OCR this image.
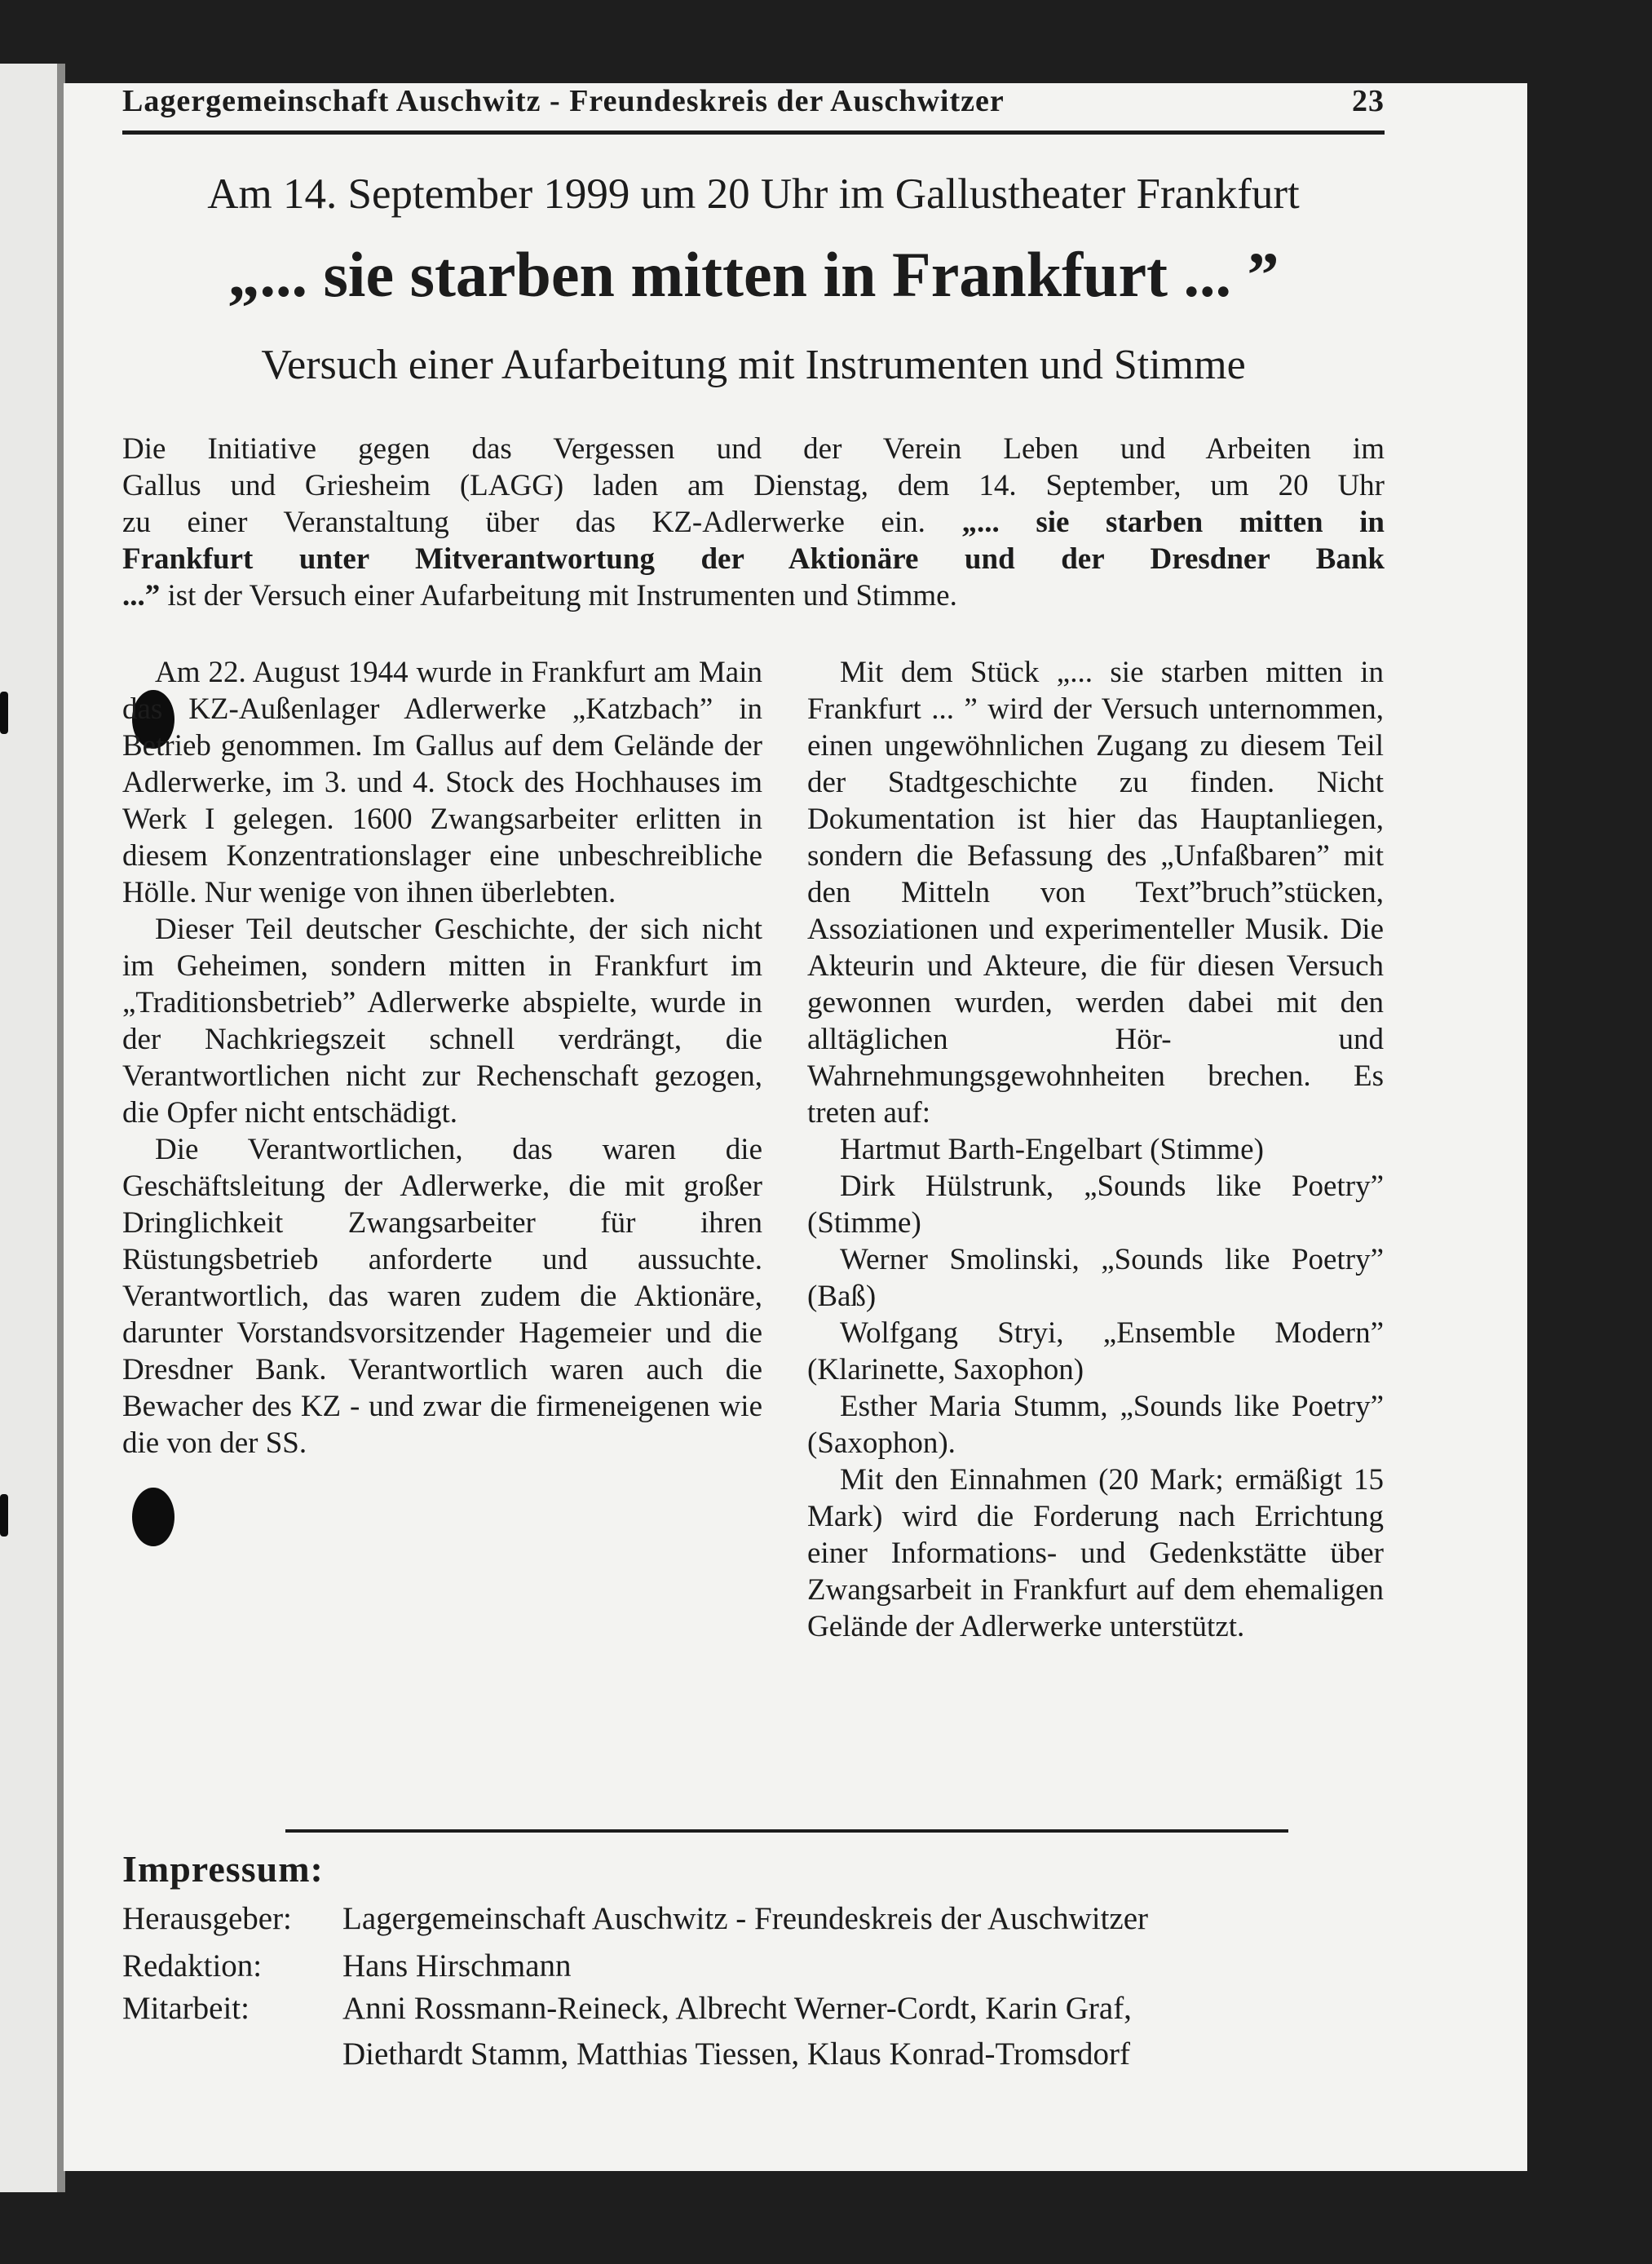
Lagergemeinschaft Auschwitz - Freundeskreis der Auschwitzer	23
Am 14. September 1999 um 20 Uhr im Gallustheater Frankfurt
„... sie starben mitten in Frankfurt ... ”
Versuch einer Aufarbeitung mit Instrumenten und Stimme
Die Initiative gegen das Vergessen und der Verein Leben und Arbeiten im
Gallus und Griesheim (LAGG) laden am Dienstag, dem 14. September, um 20 Uhr
zu einer Veranstaltung über das KZ-Adlerwerke ein. „... sie starben mitten in
Frankfurt unter Mitverantwortung der Aktionäre und der Dresdner Bank
...” ist der Versuch einer Aufarbeitung mit Instrumenten und Stimme.

Am 22. August 1944 wurde in Frankfurt am Main das KZ-Außenlager Adlerwerke „Katzbach” in Betrieb genommen. Im Gallus auf dem Gelände der Adlerwerke, im 3. und 4. Stock des Hochhauses im Werk I gelegen. 1600 Zwangsarbeiter erlitten in diesem Konzentrationslager eine unbeschreibliche Hölle. Nur wenige von ihnen überlebten.

Dieser Teil deutscher Geschichte, der sich nicht im Geheimen, sondern mitten in Frankfurt im „Traditionsbetrieb” Adlerwerke abspielte, wurde in der Nachkriegszeit schnell verdrängt, die Verantwortlichen nicht zur Rechenschaft gezogen, die Opfer nicht entschädigt.

Die Verantwortlichen, das waren die Geschäftsleitung der Adlerwerke, die mit großer Dringlichkeit Zwangsarbeiter für ihren Rüstungsbetrieb anforderte und aussuchte. Verantwortlich, das waren zudem die Aktionäre, darunter Vorstandsvorsitzender Hagemeier und die Dresdner Bank. Verantwortlich waren auch die Bewacher des KZ - und zwar die firmeneigenen wie die von der SS.

Mit dem Stück „... sie starben mitten in Frankfurt ... ” wird der Versuch unternommen, einen ungewöhnlichen Zugang zu diesem Teil der Stadtgeschichte zu finden. Nicht Dokumentation ist hier das Hauptanliegen, sondern die Befassung des „Unfaßbaren” mit den Mitteln von Text”bruch”stücken, Assoziationen und experimenteller Musik. Die Akteurin und Akteure, die für diesen Versuch gewonnen wurden, werden dabei mit den alltäglichen Hör- und Wahrnehmungsgewohnheiten brechen. Es treten auf:

Hartmut Barth-Engelbart (Stimme)

Dirk Hülstrunk, „Sounds like Poetry” (Stimme)

Werner Smolinski, „Sounds like Poetry” (Baß)

Wolfgang Stryi, „Ensemble Modern” (Klarinette, Saxophon)

Esther Maria Stumm, „Sounds like Poetry” (Saxophon).

Mit den Einnahmen (20 Mark; ermäßigt 15 Mark) wird die Forderung nach Errichtung einer Informations- und Gedenkstätte über Zwangsarbeit in Frankfurt auf dem ehemaligen Gelände der Adlerwerke unterstützt.

Impressum:
Herausgeber: Lagergemeinschaft Auschwitz - Freundeskreis der Auschwitzer
Redaktion:	Hans Hirschmann
Mitarbeit:	Anni Rossmann-Reineck, Albrecht Werner-Cordt, Karin Graf,
Diethardt Stamm, Matthias Tiessen, Klaus Konrad-Tromsdorf
